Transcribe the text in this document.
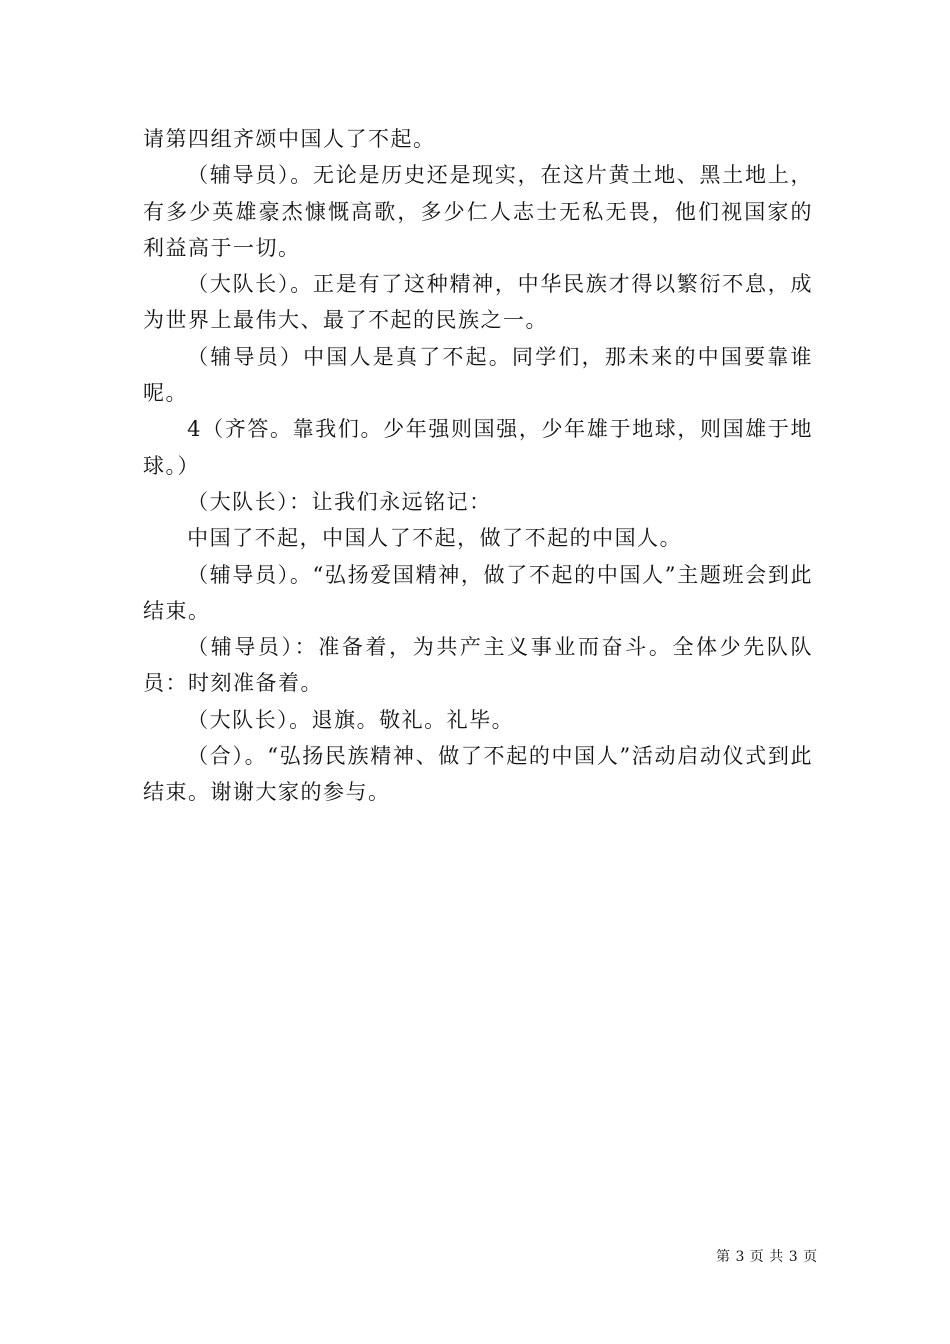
请第四组齐颂中国人了不起。

（辅导员）。无论是历史还是现实，在这片黄土地、黑土地上，有多少英雄豪杰慷慨高歌，多少仁人志士无私无畏，他们视国家的利益高于一切。

（大队长）。正是有了这种精神，中华民族才得以繁衍不息，成为世界上最伟大、最了不起的民族之一。

（辅导员）中国人是真了不起。同学们，那未来的中国要靠谁呢。

4（齐答。靠我们。少年强则国强，少年雄于地球，则国雄于地球。）

（大队长）：让我们永远铭记：

中国了不起，中国人了不起，做了不起的中国人。

（辅导员）。“弘扬爱国精神，做了不起的中国人”主题班会到此结束。

（辅导员）：准备着，为共产主义事业而奋斗。全体少先队队员：时刻准备着。

（大队长）。退旗。敬礼。礼毕。

（合）。“弘扬民族精神、做了不起的中国人”活动启动仪式到此结束。谢谢大家的参与。

第 3 页 共 3 页
